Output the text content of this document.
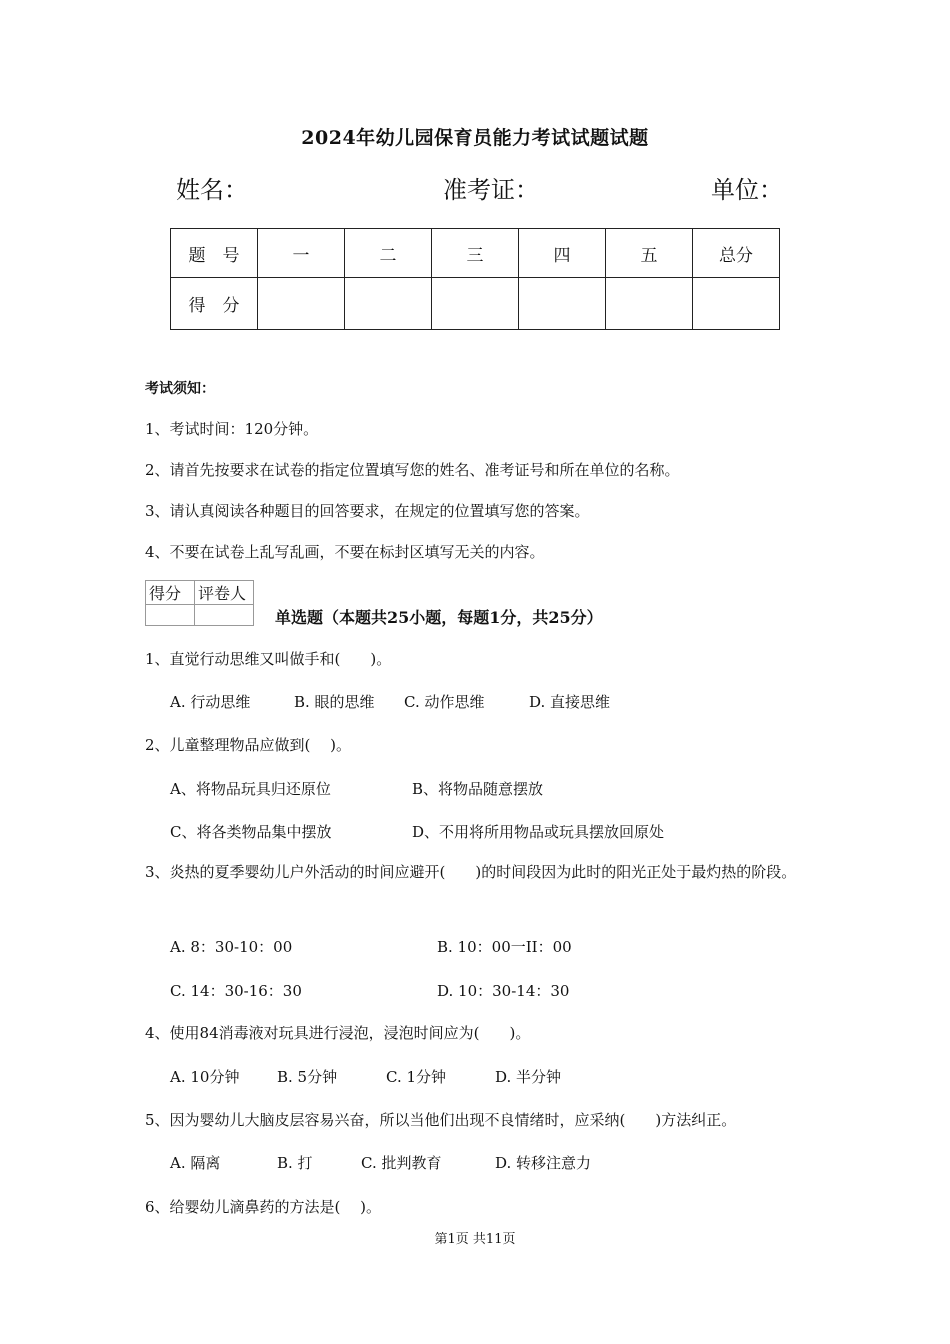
2024年幼儿园保育员能力考试试题试题
姓名：	准考证：	单位：
题　号	一	二	三	四	五	总分
得　分						
考试须知：
1、考试时间：120分钟。
2、请首先按要求在试卷的指定位置填写您的姓名、准考证号和所在单位的名称。
3、请认真阅读各种题目的回答要求，在规定的位置填写您的答案。
4、不要在试卷上乱写乱画，不要在标封区填写无关的内容。
得分	评卷人

单选题（本题共25小题，每题1分，共25分）
1、直觉行动思维又叫做手和(　　)。
A. 行动思维	B. 眼的思维 C. 动作思维	D. 直接思维
2、儿童整理物品应做到(　 )。
A、将物品玩具归还原位	B、将物品随意摆放
C、将各类物品集中摆放	D、不用将所用物品或玩具摆放回原处
3、炎热的夏季婴幼儿户外活动的时间应避开(　　)的时间段因为此时的阳光正处于最灼热的阶段。
A. 8：30-10：00	B. 10：00一II：00
C. 14：30-16：30	D. 10：30-14：30
4、使用84消毒液对玩具进行浸泡，浸泡时间应为(　　)。
A. 10分钟	B. 5分钟	C. 1分钟	D. 半分钟
5、因为婴幼儿大脑皮层容易兴奋，所以当他们出现不良情绪时，应采纳(　　)方法纠正。
A. 隔离	B. 打	C. 批判教育	D. 转移注意力
6、给婴幼儿滴鼻药的方法是(　 )。
第1页 共11页
